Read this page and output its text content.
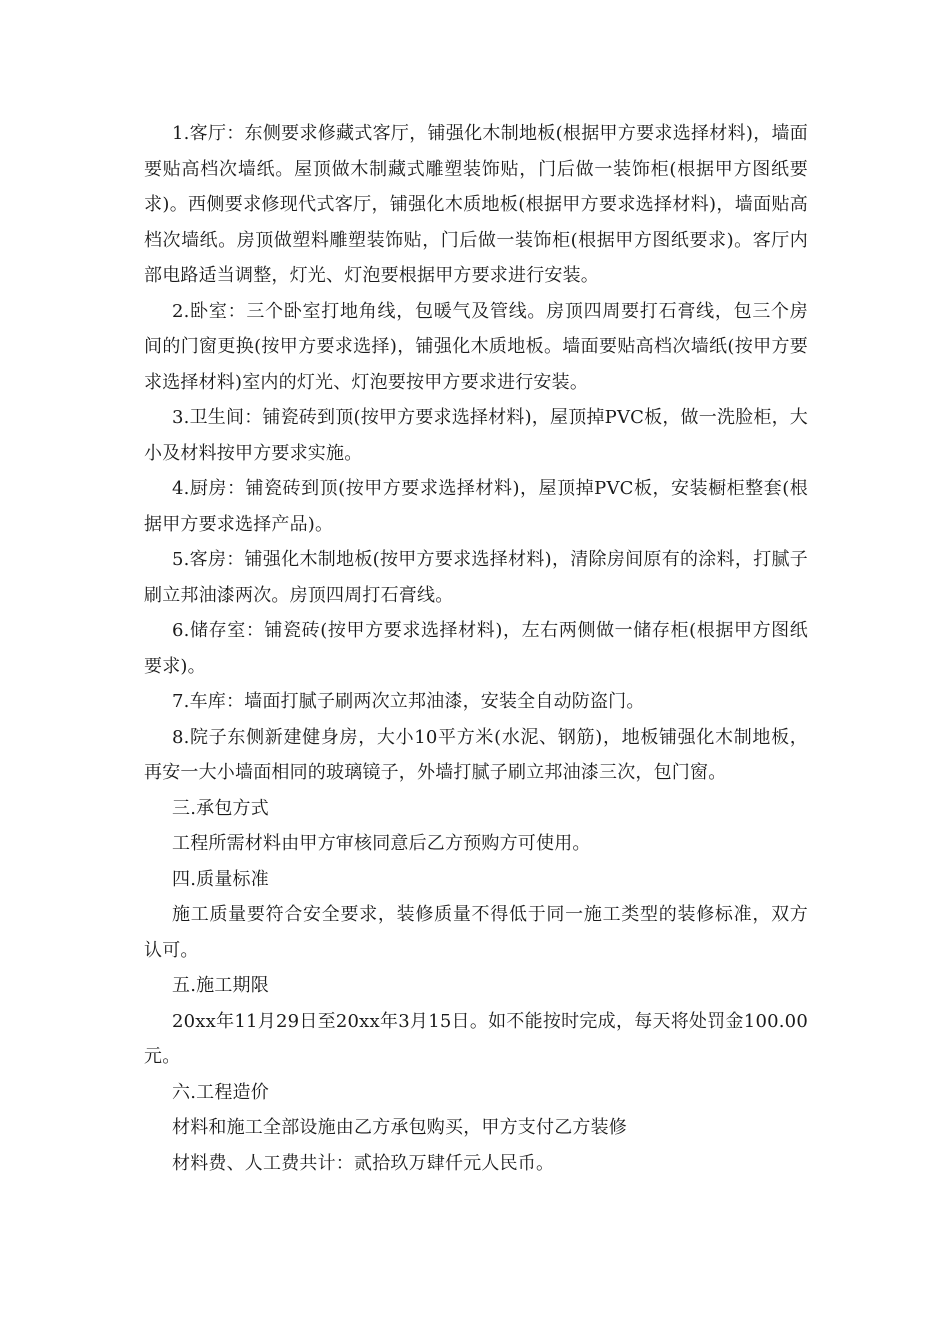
1.客厅：东侧要求修藏式客厅，铺强化木制地板(根据甲方要求选择材料)，墙面要贴高档次墙纸。屋顶做木制藏式雕塑装饰贴，门后做一装饰柜(根据甲方图纸要求)。西侧要求修现代式客厅，铺强化木质地板(根据甲方要求选择材料)，墙面贴高档次墙纸。房顶做塑料雕塑装饰贴，门后做一装饰柜(根据甲方图纸要求)。客厅内部电路适当调整，灯光、灯泡要根据甲方要求进行安装。

2.卧室：三个卧室打地角线，包暖气及管线。房顶四周要打石膏线，包三个房间的门窗更换(按甲方要求选择)，铺强化木质地板。墙面要贴高档次墙纸(按甲方要求选择材料)室内的灯光、灯泡要按甲方要求进行安装。

3.卫生间：铺瓷砖到顶(按甲方要求选择材料)，屋顶掉PVC板，做一洗脸柜，大小及材料按甲方要求实施。

4.厨房：铺瓷砖到顶(按甲方要求选择材料)，屋顶掉PVC板，安装橱柜整套(根据甲方要求选择产品)。

5.客房：铺强化木制地板(按甲方要求选择材料)，清除房间原有的涂料，打腻子刷立邦油漆两次。房顶四周打石膏线。

6.储存室：铺瓷砖(按甲方要求选择材料)，左右两侧做一储存柜(根据甲方图纸要求)。

7.车库：墙面打腻子刷两次立邦油漆，安装全自动防盗门。

8.院子东侧新建健身房，大小10平方米(水泥、钢筋)，地板铺强化木制地板，再安一大小墙面相同的玻璃镜子，外墙打腻子刷立邦油漆三次，包门窗。

三.承包方式

工程所需材料由甲方审核同意后乙方预购方可使用。

四.质量标准

施工质量要符合安全要求，装修质量不得低于同一施工类型的装修标准，双方认可。

五.施工期限

20xx年11月29日至20xx年3月15日。如不能按时完成，每天将处罚金100.00元。

六.工程造价

材料和施工全部设施由乙方承包购买，甲方支付乙方装修

材料费、人工费共计：贰拾玖万肆仟元人民币。
